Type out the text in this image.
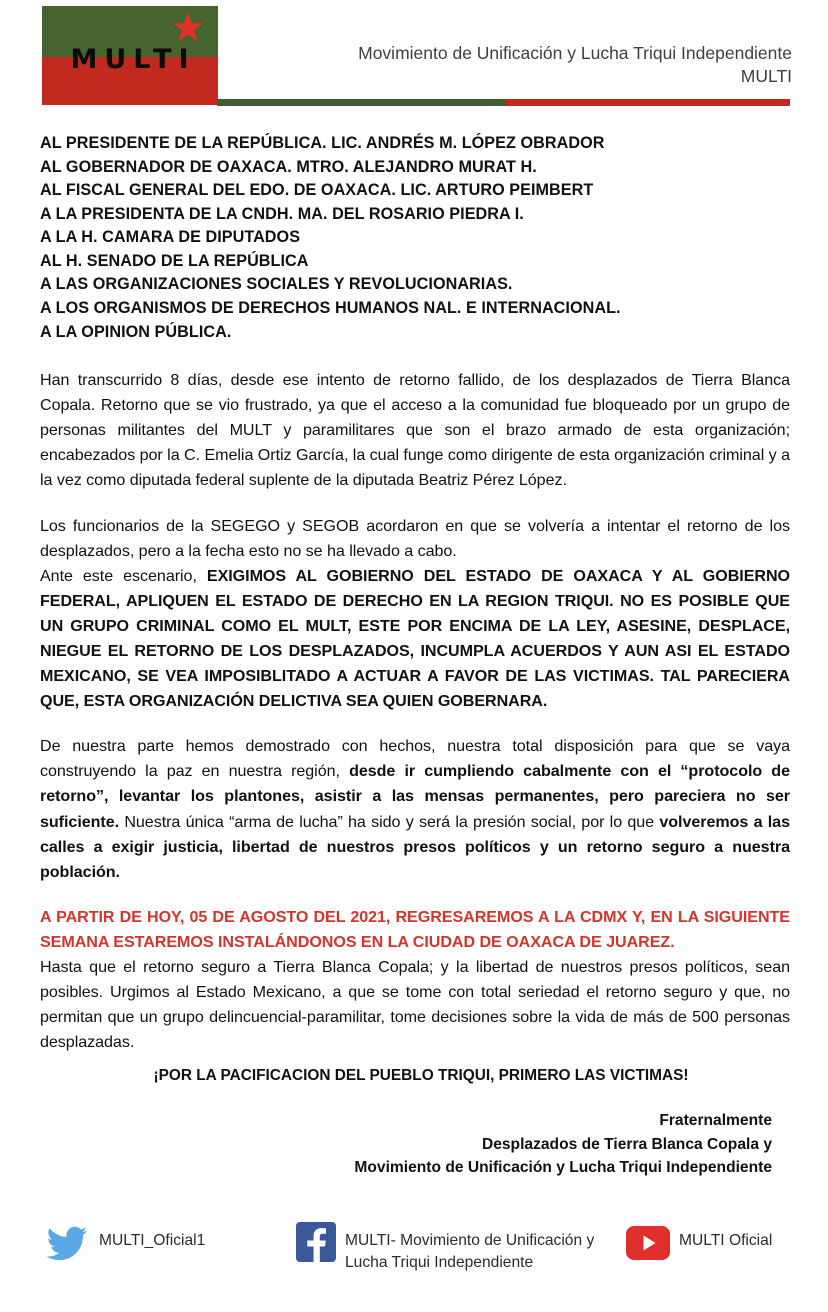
★
MULTI	Movimiento de Unificación y Lucha Triqui Independiente
MULTI
AL PRESIDENTE DE LA REPÚBLICA. LIC. ANDRÉS M. LÓPEZ OBRADOR
AL GOBERNADOR DE OAXACA. MTRO. ALEJANDRO MURAT H.
AL FISCAL GENERAL DEL EDO. DE OAXACA. LIC. ARTURO PEIMBERT
A LA PRESIDENTA DE LA CNDH. MA. DEL ROSARIO PIEDRA I.
A LA H. CAMARA DE DIPUTADOS
AL H. SENADO DE LA REPÚBLICA
A LAS ORGANIZACIONES SOCIALES Y REVOLUCIONARIAS.
A LOS ORGANISMOS DE DERECHOS HUMANOS NAL. E INTERNACIONAL.
A LA OPINION PÚBLICA.

Han transcurrido 8 días, desde ese intento de retorno fallido, de los desplazados de Tierra Blanca Copala. Retorno que se vio frustrado, ya que el acceso a la comunidad fue bloqueado por un grupo de personas militantes del MULT y paramilitares que son el brazo armado de esta organización; encabezados por la C. Emelia Ortiz García, la cual funge como dirigente de esta organización criminal y a la vez como diputada federal suplente de la diputada Beatriz Pérez López.

Los funcionarios de la SEGEGO y SEGOB acordaron en que se volvería a intentar el retorno de los desplazados, pero a la fecha esto no se ha llevado a cabo.

Ante este escenario, EXIGIMOS AL GOBIERNO DEL ESTADO DE OAXACA Y AL GOBIERNO FEDERAL, APLIQUEN EL ESTADO DE DERECHO EN LA REGION TRIQUI. NO ES POSIBLE QUE UN GRUPO CRIMINAL COMO EL MULT, ESTE POR ENCIMA DE LA LEY, ASESINE, DESPLACE, NIEGUE EL RETORNO DE LOS DESPLAZADOS, INCUMPLA ACUERDOS Y AUN ASI EL ESTADO MEXICANO, SE VEA IMPOSIBLITADO A ACTUAR A FAVOR DE LAS VICTIMAS. TAL PARECIERA QUE, ESTA ORGANIZACIÓN DELICTIVA SEA QUIEN GOBERNARA.

De nuestra parte hemos demostrado con hechos, nuestra total disposición para que se vaya construyendo la paz en nuestra región, desde ir cumpliendo cabalmente con el “protocolo de retorno”, levantar los plantones, asistir a las mensas permanentes, pero pareciera no ser suficiente. Nuestra única “arma de lucha” ha sido y será la presión social, por lo que volveremos a las calles a exigir justicia, libertad de nuestros presos políticos y un retorno seguro a nuestra población.

A PARTIR DE HOY, 05 DE AGOSTO DEL 2021, REGRESAREMOS A LA CDMX Y, EN LA SIGUIENTE SEMANA ESTAREMOS INSTALÁNDONOS EN LA CIUDAD DE OAXACA DE JUAREZ.

Hasta que el retorno seguro a Tierra Blanca Copala; y la libertad de nuestros presos políticos, sean posibles. Urgimos al Estado Mexicano, a que se tome con total seriedad el retorno seguro y que, no permitan que un grupo delincuencial-paramilitar, tome decisiones sobre la vida de más de 500 personas desplazadas.

¡POR LA PACIFICACION DEL PUEBLO TRIQUI, PRIMERO LAS VICTIMAS!

Fraternalmente
Desplazados de Tierra Blanca Copala y
Movimiento de Unificación y Lucha Triqui Independiente
MULTI_Oficial1	MULTI- Movimiento de Unificación y
Lucha Triqui Independiente
MULTI Oficial
